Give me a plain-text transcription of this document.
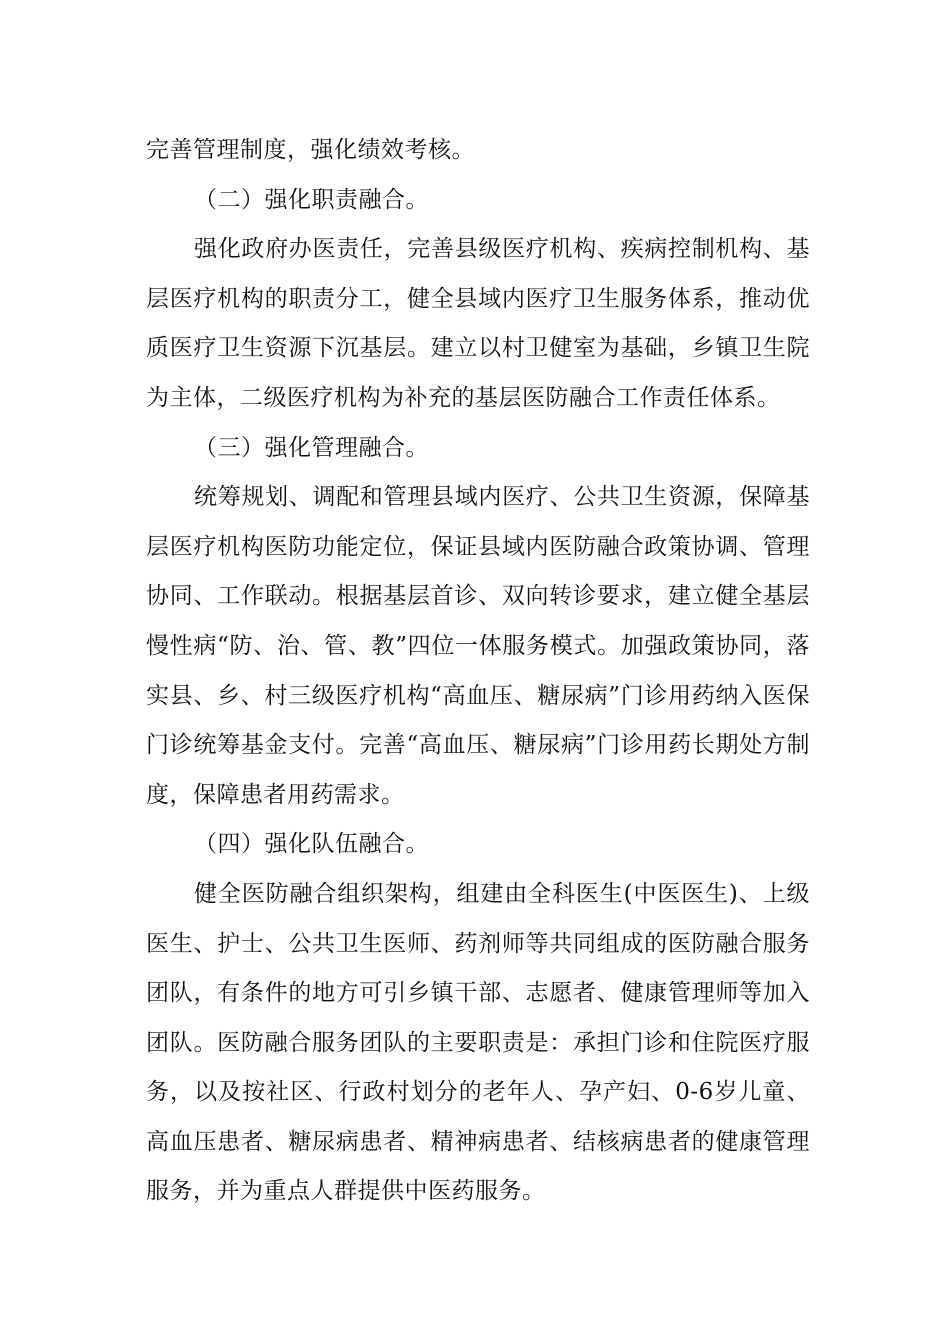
完善管理制度，强化绩效考核。

（二）强化职责融合。

强化政府办医责任，完善县级医疗机构、疾病控制机构、基层医疗机构的职责分工，健全县域内医疗卫生服务体系，推动优质医疗卫生资源下沉基层。建立以村卫健室为基础，乡镇卫生院为主体，二级医疗机构为补充的基层医防融合工作责任体系。

（三）强化管理融合。

统筹规划、调配和管理县域内医疗、公共卫生资源，保障基层医疗机构医防功能定位，保证县域内医防融合政策协调、管理协同、工作联动。根据基层首诊、双向转诊要求，建立健全基层慢性病“防、治、管、教”四位一体服务模式。加强政策协同，落实县、乡、村三级医疗机构“高血压、糖尿病”门诊用药纳入医保门诊统筹基金支付。完善“高血压、糖尿病”门诊用药长期处方制度，保障患者用药需求。

（四）强化队伍融合。

健全医防融合组织架构，组建由全科医生(中医医生)、上级医生、护士、公共卫生医师、药剂师等共同组成的医防融合服务团队，有条件的地方可引乡镇干部、志愿者、健康管理师等加入团队。医防融合服务团队的主要职责是：承担门诊和住院医疗服务，以及按社区、行政村划分的老年人、孕产妇、0-6岁儿童、高血压患者、糖尿病患者、精神病患者、结核病患者的健康管理服务，并为重点人群提供中医药服务。
